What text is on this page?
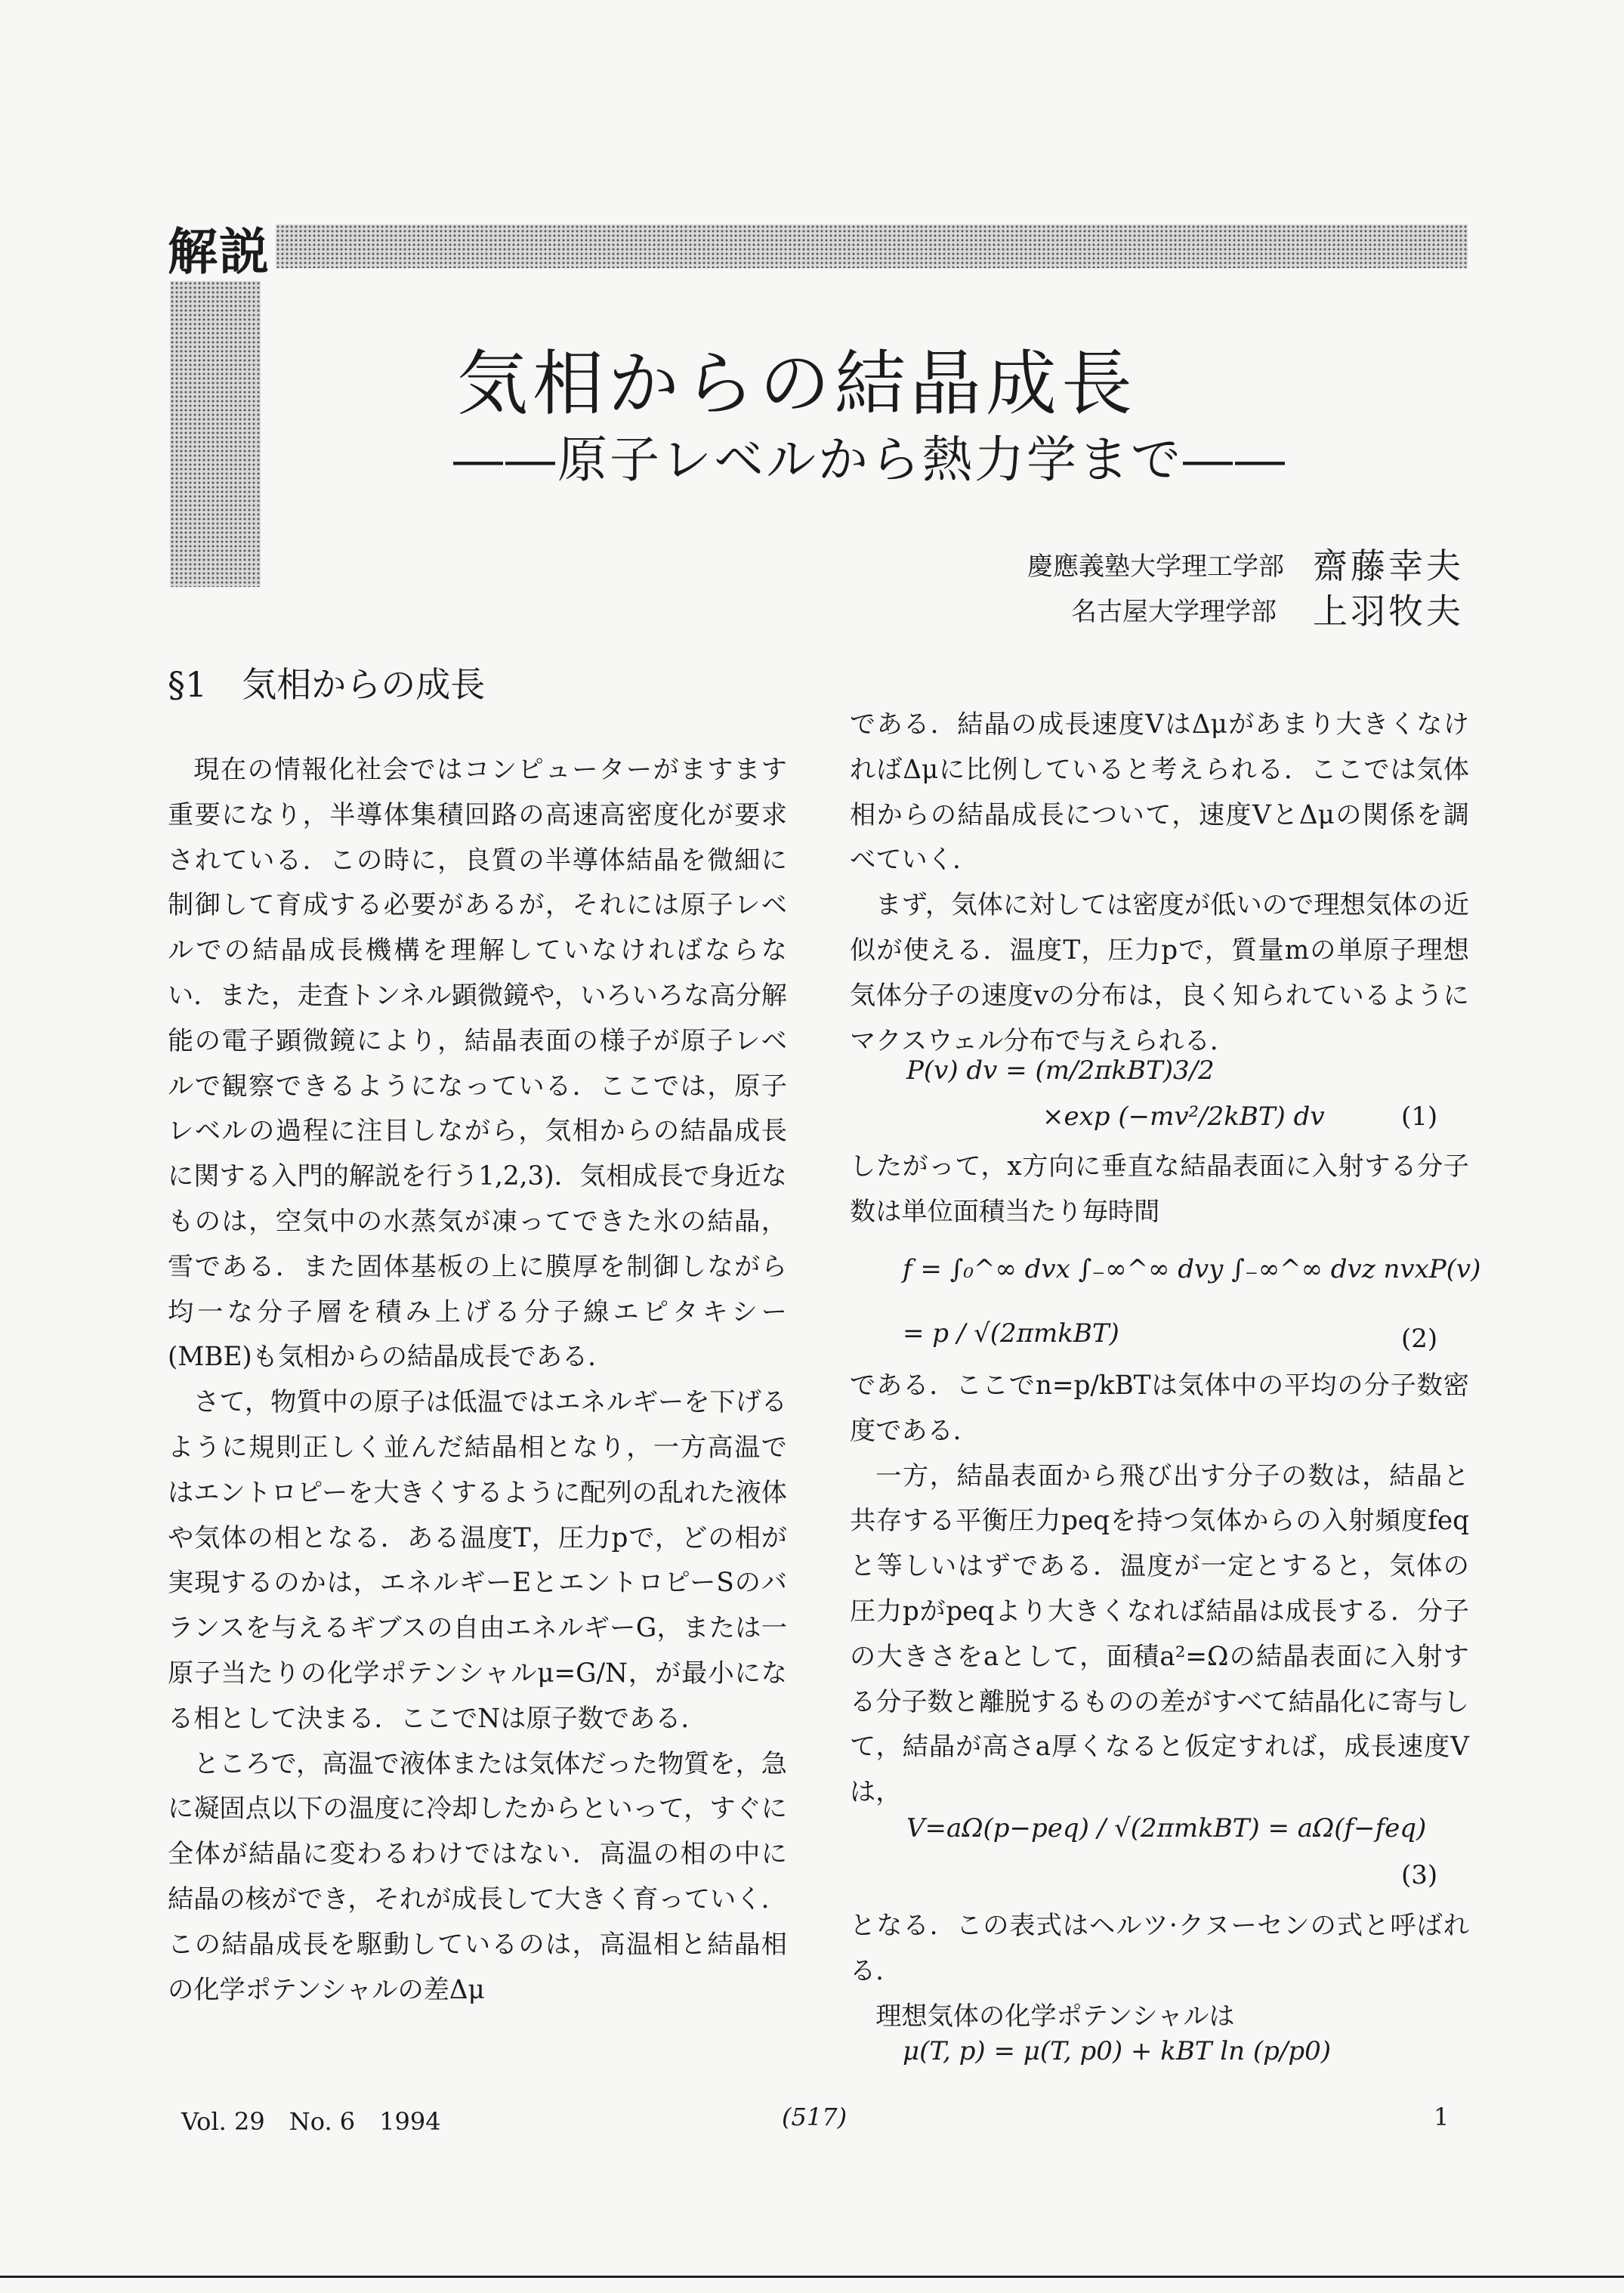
解説
気相からの結晶成長
――原子レベルから熱力学まで――
慶應義塾大学理工学部 齋藤幸夫
名古屋大学理学部 上羽牧夫
§1　気相からの成長

現在の情報化社会ではコンピューターがますます重要になり，半導体集積回路の高速高密度化が要求されている．この時に，良質の半導体結晶を微細に制御して育成する必要があるが，それには原子レベルでの結晶成長機構を理解していなければならない．また，走査トンネル顕微鏡や，いろいろな高分解能の電子顕微鏡により，結晶表面の様子が原子レベルで観察できるようになっている．ここでは，原子レベルの過程に注目しながら，気相からの結晶成長に関する入門的解説を行う1,2,3)．気相成長で身近なものは，空気中の水蒸気が凍ってできた氷の結晶，雪である．また固体基板の上に膜厚を制御しながら均一な分子層を積み上げる分子線エピタキシー(MBE)も気相からの結晶成長である．

さて，物質中の原子は低温ではエネルギーを下げるように規則正しく並んだ結晶相となり，一方高温ではエントロピーを大きくするように配列の乱れた液体や気体の相となる．ある温度T，圧力pで，どの相が実現するのかは，エネルギーEとエントロピーSのバランスを与えるギブスの自由エネルギーG，または一原子当たりの化学ポテンシャルμ=G/N，が最小になる相として決まる．ここでNは原子数である．

ところで，高温で液体または気体だった物質を，急に凝固点以下の温度に冷却したからといって，すぐに全体が結晶に変わるわけではない．高温の相の中に結晶の核ができ，それが成長して大きく育っていく．この結晶成長を駆動しているのは，高温相と結晶相の化学ポテンシャルの差Δμ

である．結晶の成長速度VはΔμがあまり大きくなければΔμに比例していると考えられる．ここでは気体相からの結晶成長について，速度VとΔμの関係を調べていく．

まず，気体に対しては密度が低いので理想気体の近似が使える．温度T，圧力pで，質量mの単原子理想気体分子の速度vの分布は，良く知られているようにマクスウェル分布で与えられる．

P(v) dv = (m/2πkBT)3/2
×exp (−mv²/2kBT) dv	(1)

したがって，x方向に垂直な結晶表面に入射する分子数は単位面積当たり毎時間

f = ∫₀^∞ dvx ∫₋∞^∞ dvy ∫₋∞^∞ dvz nvxP(v)
= p / √(2πmkBT)	(2)

である．ここでn=p/kBTは気体中の平均の分子数密度である．

一方，結晶表面から飛び出す分子の数は，結晶と共存する平衡圧力peqを持つ気体からの入射頻度feqと等しいはずである．温度が一定とすると，気体の圧力pがpeqより大きくなれば結晶は成長する．分子の大きさをaとして，面積a²=Ωの結晶表面に入射する分子数と離脱するものの差がすべて結晶化に寄与して，結晶が高さa厚くなると仮定すれば，成長速度Vは，

V=aΩ(p−peq) / √(2πmkBT) = aΩ(f−feq)
(3)

となる．この表式はヘルツ·クヌーセンの式と呼ばれる．

理想気体の化学ポテンシャルは

μ(T, p) = μ(T, p0) + kBT ln (p/p0)
Vol. 29　No. 6　1994	(517)	1
